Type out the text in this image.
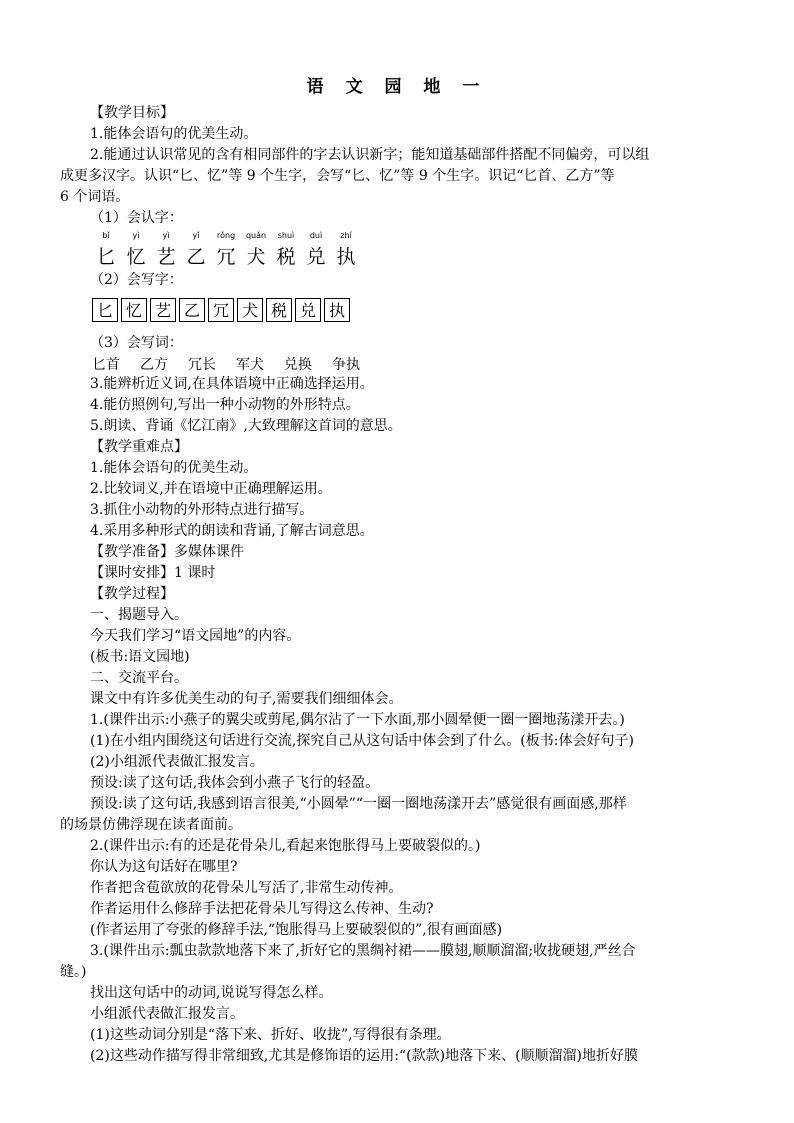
语 文 园 地 一
【教学目标】
1.能体会语句的优美生动。
2.能通过认识常见的含有相同部件的字去认识新字；能知道基础部件搭配不同偏旁，可以组
成更多汉字。认识“匕、忆”等 9 个生字，会写“匕、忆”等 9 个生字。识记“匕首、乙方”等
6 个词语。
（1）会认字：
bǐ	yì	yì	yǐ	rǒng	quǎn	shuì	duì	zhí
匕 忆 艺 乙 冗 犬 税 兑 执
（2）会写字：
匕 忆 艺 乙 冗 犬 税 兑 执
（3）会写词：
匕首 乙方 冗长 军犬 兑换 争执
3.能辨析近义词,在具体语境中正确选择运用。
4.能仿照例句,写出一种小动物的外形特点。
5.朗读、背诵《忆江南》,大致理解这首词的意思。
【教学重难点】
1.能体会语句的优美生动。
2.比较词义,并在语境中正确理解运用。
3.抓住小动物的外形特点进行描写。
4.采用多种形式的朗读和背诵,了解古词意思。
【教学准备】多媒体课件
【课时安排】1 课时
【教学过程】
一、揭题导入。
今天我们学习“语文园地”的内容。
(板书:语文园地)
二、交流平台。
课文中有许多优美生动的句子,需要我们细细体会。
1.(课件出示:小燕子的翼尖或剪尾,偶尔沾了一下水面,那小圆晕便一圈一圈地荡漾开去。)
(1)在小组内围绕这句话进行交流,探究自己从这句话中体会到了什么。(板书:体会好句子)
(2)小组派代表做汇报发言。
预设:读了这句话,我体会到小燕子飞行的轻盈。
预设:读了这句话,我感到语言很美,“小圆晕”“一圈一圈地荡漾开去”感觉很有画面感,那样
的场景仿佛浮现在读者面前。
2.(课件出示:有的还是花骨朵儿,看起来饱胀得马上要破裂似的。)
你认为这句话好在哪里?
作者把含苞欲放的花骨朵儿写活了,非常生动传神。
作者运用什么修辞手法把花骨朵儿写得这么传神、生动?
(作者运用了夸张的修辞手法,“饱胀得马上要破裂似的”,很有画面感)
3.(课件出示:瓢虫款款地落下来了,折好它的黑绸衬裙——膜翅,顺顺溜溜;收拢硬翅,严丝合
缝。)
找出这句话中的动词,说说写得怎么样。
小组派代表做汇报发言。
(1)这些动词分别是“落下来、折好、收拢”,写得很有条理。
(2)这些动作描写得非常细致,尤其是修饰语的运用:“(款款)地落下来、(顺顺溜溜)地折好膜
